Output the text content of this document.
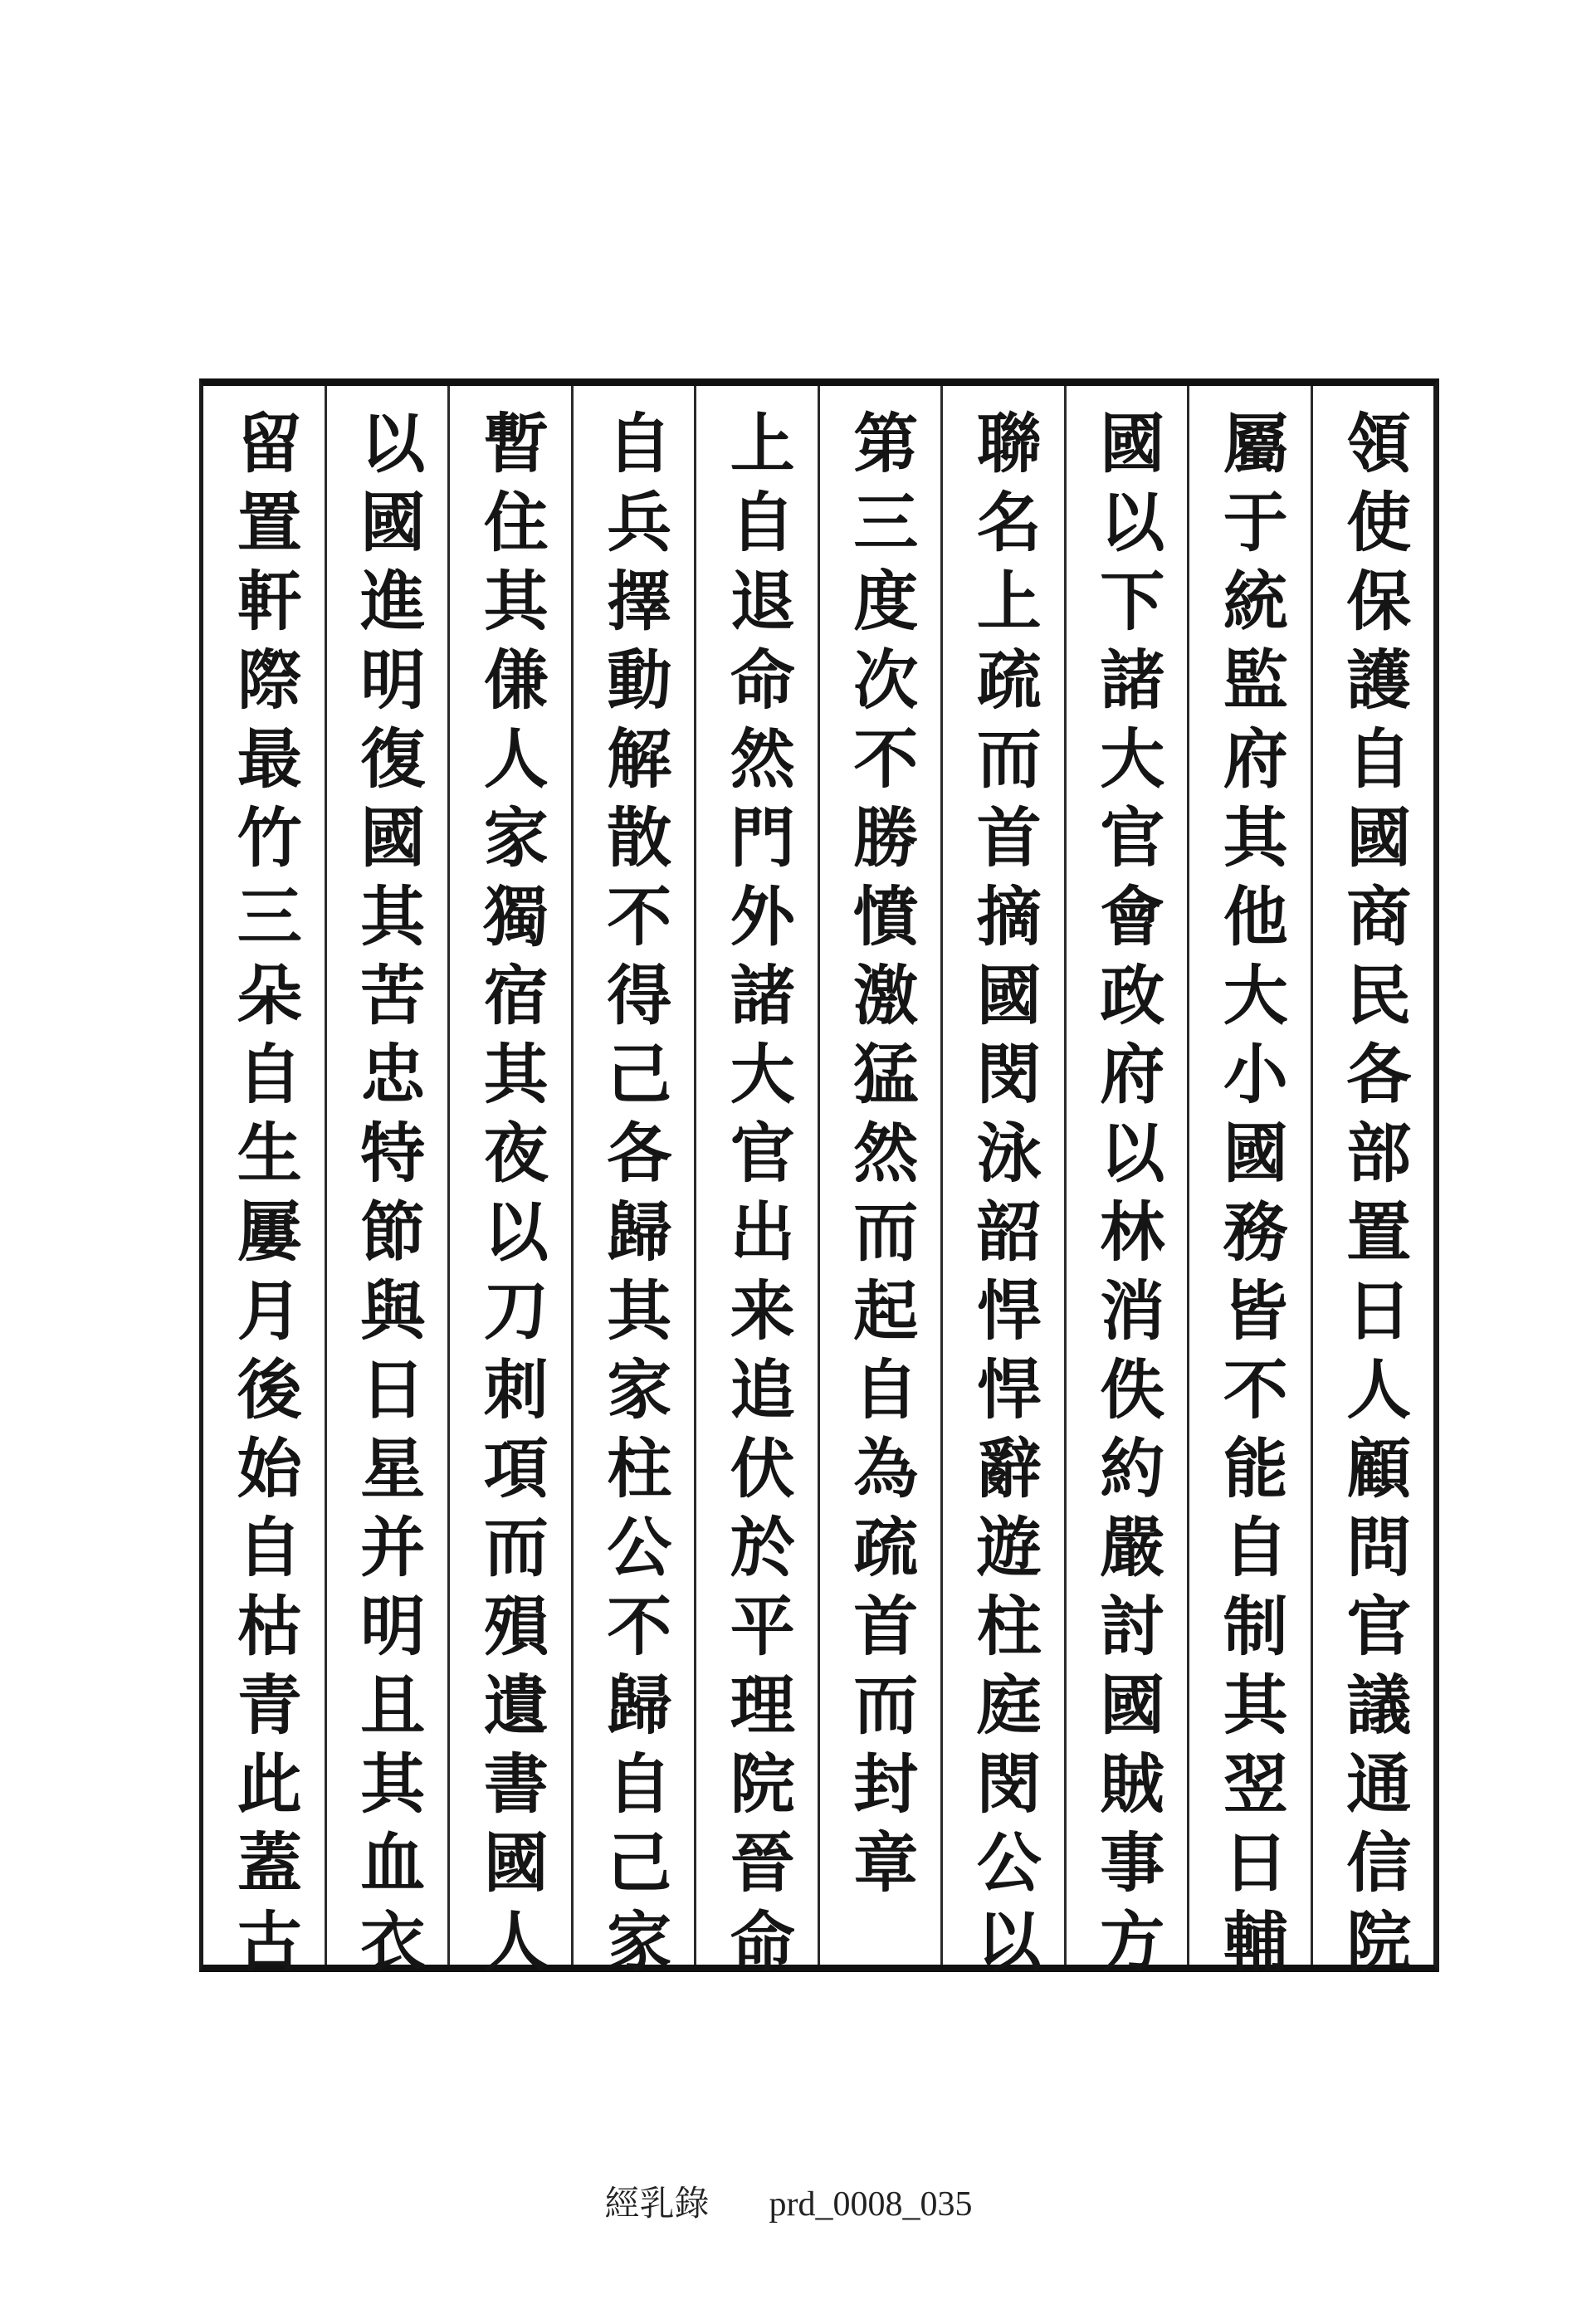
領使保護自國商民各部置日人顧問官議通信院
屬于統監府其他大小國務皆不能自制其翌日輔
國以下諸大官會政府以林消佚約嚴討國賊事方
聯名上疏而首摘國閔泳韶悍悍辭遊柱庭閔公以
第三度次不勝憤激猛然而起自為疏首而封章
上自退命然門外諸大官出来追伏於平理院晉命
自兵擇動解散不得己各歸其家柱公不歸自己家
暫住其傔人家獨宿其夜以刀刺項而殞遺書國人
以國進明復國其苦忠特節與日星并明且其血衣
留置軒際最竹三朵自生屢月後始自枯青此蓋古
經乳錄 prd_0008_035
